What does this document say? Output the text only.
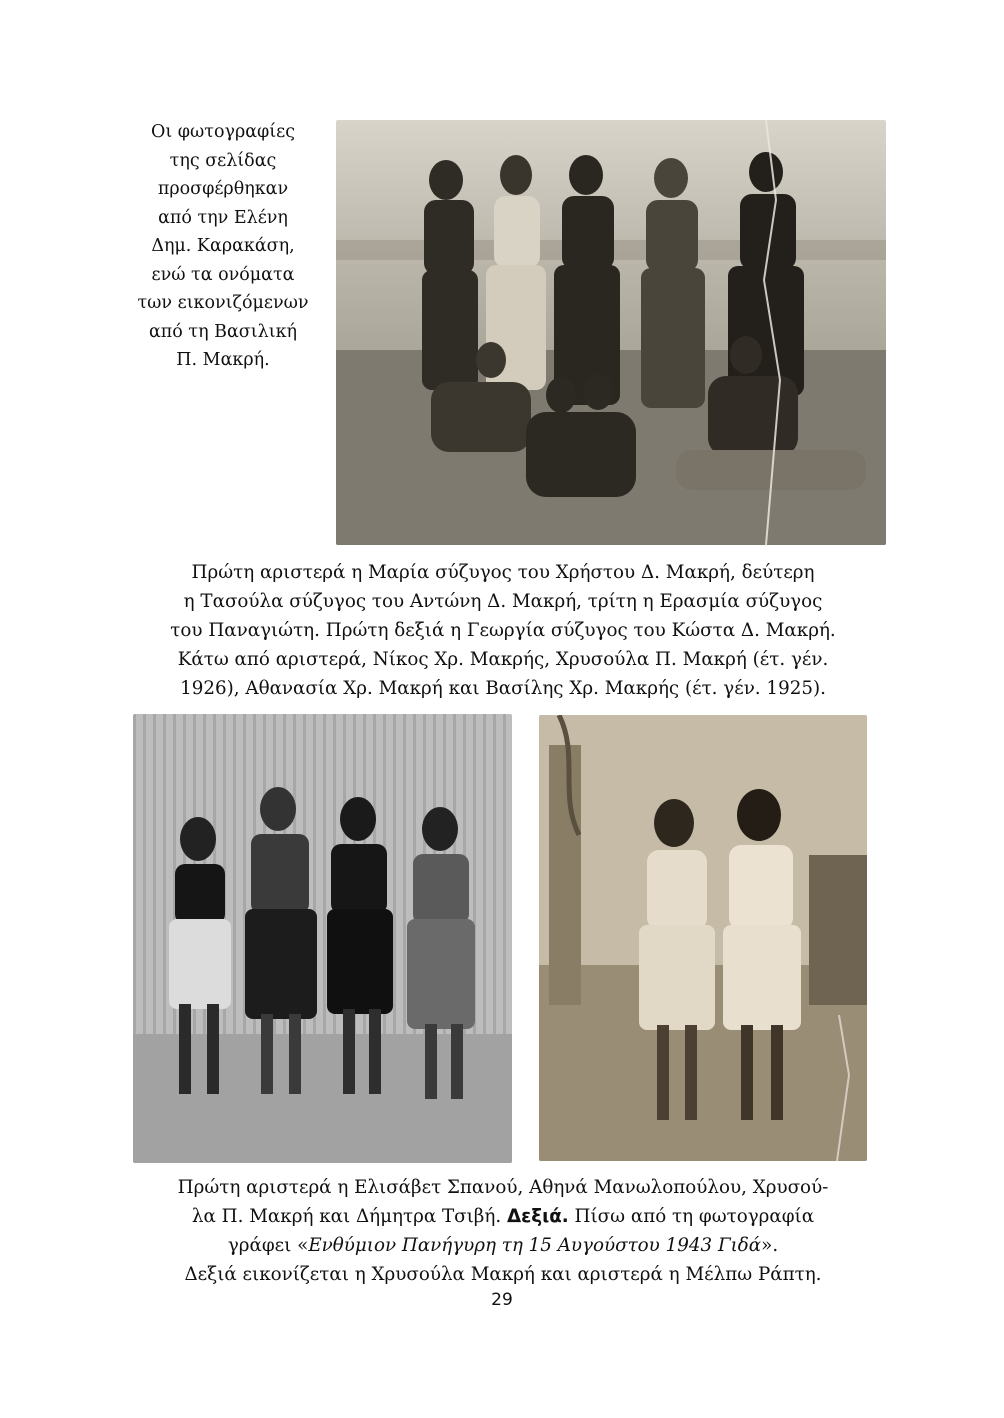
Οι φωτογραφίες
της σελίδας
προσφέρθηκαν
από την Ελένη
Δημ. Καρακάση,
ενώ τα ονόματα
των εικονιζόμενων
από τη Βασιλική
Π. Μακρή.
Πρώτη αριστερά η Μαρία σύζυγος του Χρήστου Δ. Μακρή, δεύτερη
η Τασούλα σύζυγος του Αντώνη Δ. Μακρή, τρίτη η Ερασμία σύζυγος
του Παναγιώτη. Πρώτη δεξιά η Γεωργία σύζυγος του Κώστα Δ. Μακρή.
Κάτω από αριστερά, Νίκος Χρ. Μακρής, Χρυσούλα Π. Μακρή (έτ. γέν.
1926), Αθανασία Χρ. Μακρή και Βασίλης Χρ. Μακρής (έτ. γέν. 1925).
Πρώτη αριστερά η Ελισάβετ Σπανού, Αθηνά Μανωλοπούλου, Χρυσού-
λα Π. Μακρή και Δήμητρα Τσιβή. Δεξιά. Πίσω από τη φωτογραφία
γράφει «Ενθύμιον Πανήγυρη τη 15 Αυγούστου 1943 Γιδά».
Δεξιά εικονίζεται η Χρυσούλα Μακρή και αριστερά η Μέλπω Ράπτη.
29
